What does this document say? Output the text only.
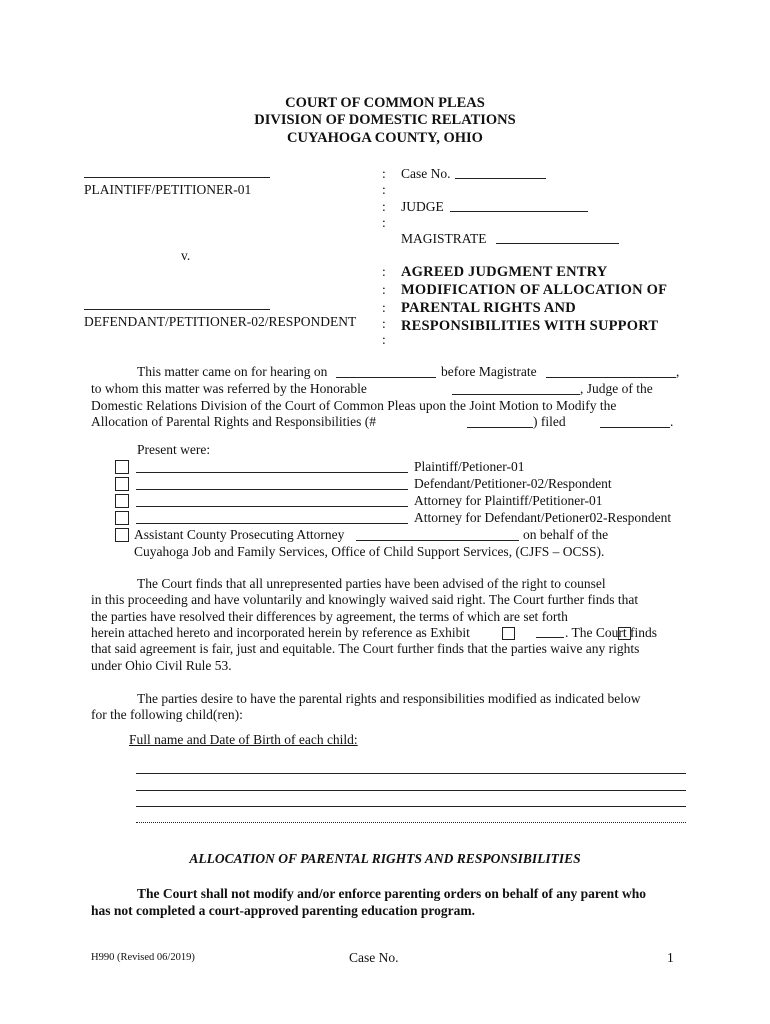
COURT OF COMMON PLEAS
DIVISION OF DOMESTIC RELATIONS
CUYAHOGA COUNTY, OHIO
PLAINTIFF/PETITIONER-01
v.
DEFENDANT/PETITIONER-02/RESPONDENT
:
:
:
:
:
:
:
:
:
Case No.
JUDGE
MAGISTRATE
AGREED JUDGMENT ENTRY
MODIFICATION OF ALLOCATION OF
PARENTAL RIGHTS AND
RESPONSIBILITIES WITH SUPPORT
This matter came on for hearing on	before Magistrate	,
to whom this matter was referred by the Honorable	, Judge of the
Domestic Relations Division of the Court of Common Pleas upon the Joint Motion to Modify the
Allocation of Parental Rights and Responsibilities (#	) filed	.
Present were:
Plaintiff/Petioner-01
Defendant/Petitioner-02/Respondent
Attorney for Plaintiff/Petitioner-01
Attorney for Defendant/Petioner02-Respondent
Assistant County Prosecuting Attorney	on behalf of the
Cuyahoga Job and Family Services, Office of Child Support Services, (CJFS – OCSS).
The Court finds that all unrepresented parties have been advised of the right to counsel
in this proceeding and have voluntarily and knowingly waived said right. The Court further finds that
the parties have resolved their differences by agreement, the terms of which are set forth
herein attached hereto and incorporated herein by reference as Exhibit	. The Court finds
that said agreement is fair, just and equitable. The Court further finds that the parties waive any rights
under Ohio Civil Rule 53.
The parties desire to have the parental rights and responsibilities modified as indicated below
for the following child(ren):
Full name and Date of Birth of each child:
ALLOCATION OF PARENTAL RIGHTS AND RESPONSIBILITIES
The Court shall not modify and/or enforce parenting orders on behalf of any parent who
has not completed a court-approved parenting education program.
H990 (Revised 06/2019)	Case No.	1
